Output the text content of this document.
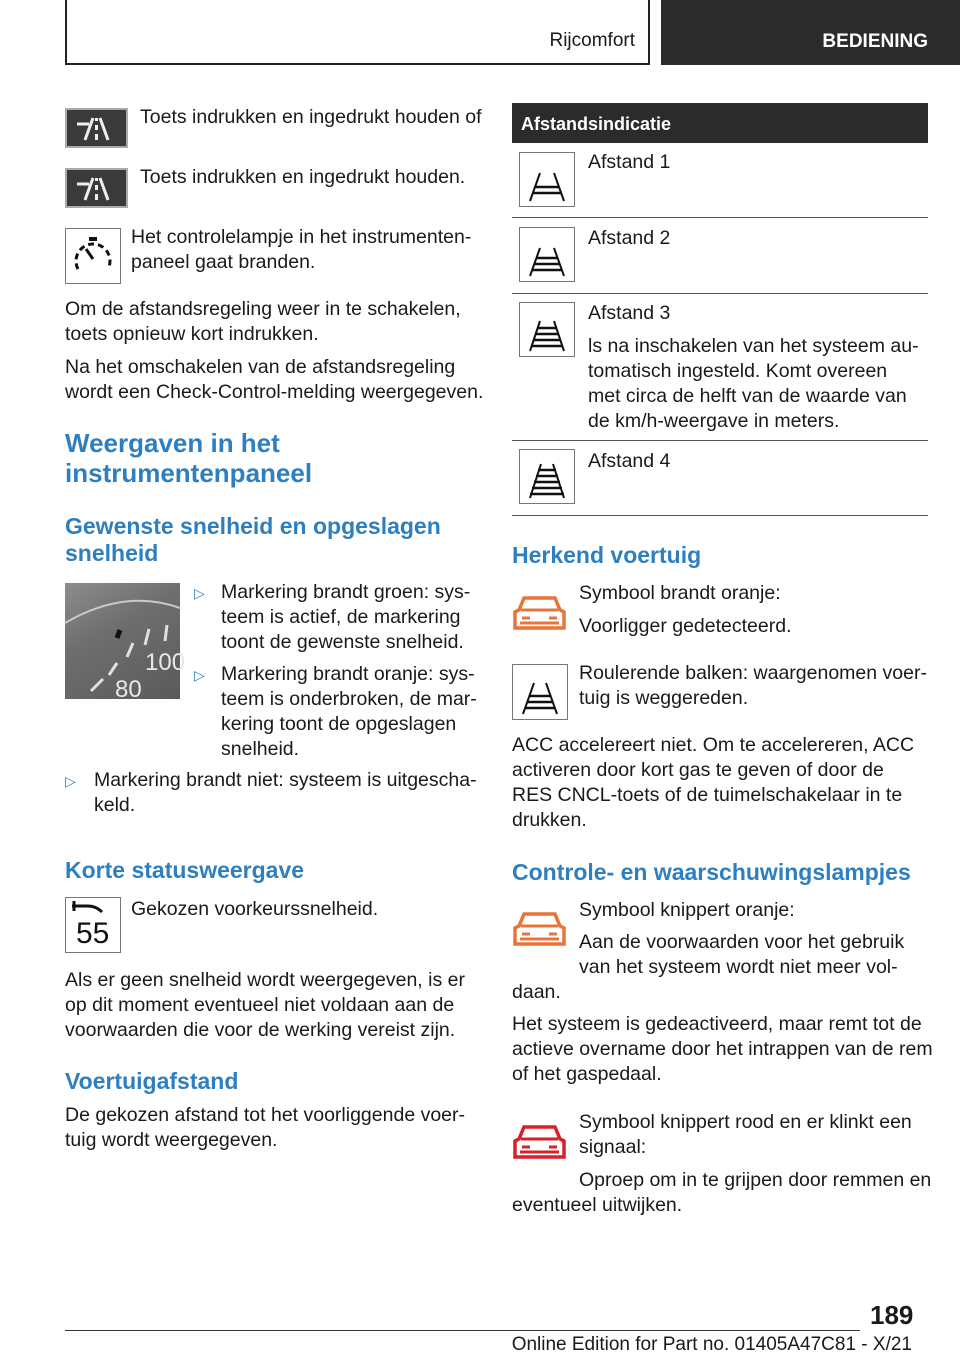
Rijcomfort	BEDIENING
Toets indrukken en ingedrukt houden of
Toets indrukken en ingedrukt houden.
Het controlelampje in het instrumenten-
paneel gaat branden.
Om de afstandsregeling weer in te schakelen,
toets opnieuw kort indrukken.
Na het omschakelen van de afstandsregeling
wordt een Check-Control-melding weergegeven.
Weergaven in het
instrumentenpaneel
Gewenste snelheid en opgeslagen
snelheid
100
80
▷ Markering brandt groen: sys-
teem is actief, de markering
toont de gewenste snelheid.
▷ Markering brandt oranje: sys-
teem is onderbroken, de mar-
kering toont de opgeslagen
snelheid.
▷ Markering brandt niet: systeem is uitgescha-
keld.
Korte statusweergave
55
Gekozen voorkeurssnelheid.
Als er geen snelheid wordt weergegeven, is er
op dit moment eventueel niet voldaan aan de
voorwaarden die voor de werking vereist zijn.
Voertuigafstand
De gekozen afstand tot het voorliggende voer-
tuig wordt weergegeven.
Afstandsindicatie
Afstand 1
Afstand 2
Afstand 3
ls na inschakelen van het systeem au-
tomatisch ingesteld. Komt overeen
met circa de helft van de waarde van
de km/h-weergave in meters.
Afstand 4
Herkend voertuig
Symbool brandt oranje:
Voorligger gedetecteerd.
Roulerende balken: waargenomen voer-
tuig is weggereden.
ACC accelereert niet. Om te accelereren, ACC
activeren door kort gas te geven of door de
RES CNCL-toets of de tuimelschakelaar in te
drukken.
Controle- en waarschuwingslampjes
Symbool knippert oranje:
Aan de voorwaarden voor het gebruik
van het systeem wordt niet meer vol-
daan.
Het systeem is gedeactiveerd, maar remt tot de
actieve overname door het intrappen van de rem
of het gaspedaal.
Symbool knippert rood en er klinkt een
signaal:
Oproep om in te grijpen door remmen en
eventueel uitwijken.
189
Online Edition for Part no. 01405A47C81 - X/21
